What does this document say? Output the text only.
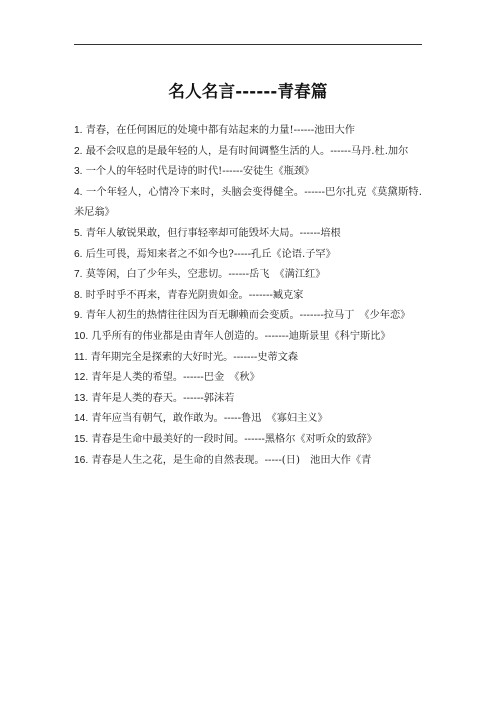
名人名言------青春篇
1. 青春，在任何困厄的处境中都有站起来的力量!------池田大作
2. 最不会叹息的是最年轻的人，是有时间调整生活的人。------马丹.杜.加尔
3. 一个人的年轻时代是诗的时代!------安徒生《瓶颈》
4. 一个年轻人，心情冷下来时，头脑会变得健全。------巴尔扎克《莫黛斯特.米尼翁》
5. 青年人敏锐果敢，但行事轻率却可能毁坏大局。------培根
6. 后生可畏，焉知来者之不如今也?-----孔丘《论语.子罕》
7. 莫等闲，白了少年头，空悲切。------岳飞　《满江红》
8. 时乎时乎不再来，青春光阴贵如金。-------臧克家
9. 青年人初生的热情往往因为百无聊赖而会变质。-------拉马丁　《少年恋》
10. 几乎所有的伟业都是由青年人创造的。-------迪斯景里《科宁斯比》
11. 青年期完全是探索的大好时光。-------史蒂文森
12. 青年是人类的希望。------巴金　《秋》
13. 青年是人类的春天。------郭沫若
14. 青年应当有朝气，敢作敢为。-----鲁迅　《寡妇主义》
15. 青春是生命中最美好的一段时间。------黑格尔《对听众的致辞》
16. 青春是人生之花，是生命的自然表现。-----(日)　池田大作《青
